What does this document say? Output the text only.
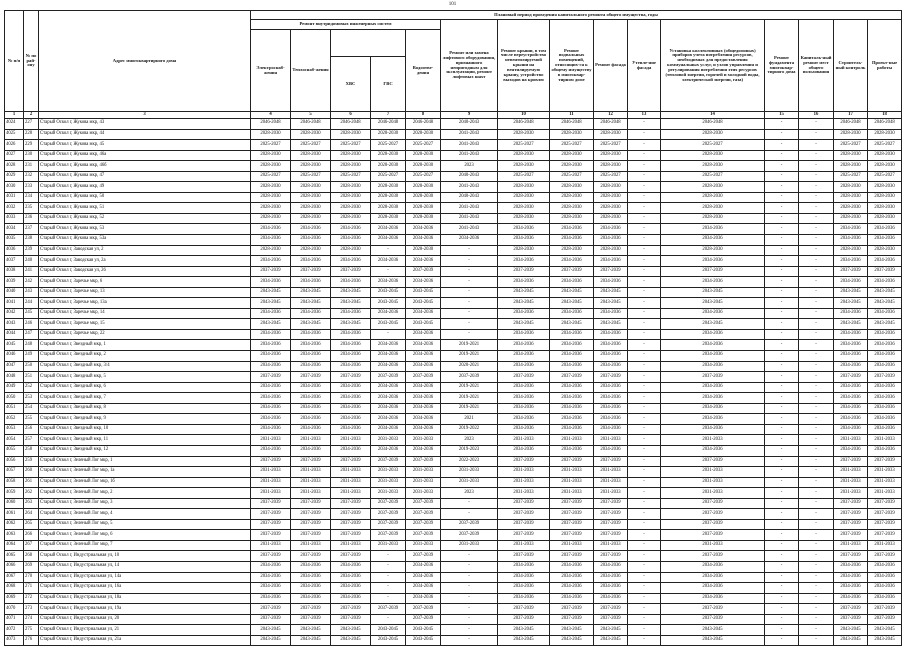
101
№ п/п	№ по рай-ону	Адрес многоквартирного дома	Плановый период проведения капитального ремонта общего имущества, годы														
			Ремонт внутридомовых инженерных систем					Ремонт или замена лифтового оборудования, признанного непригодным для эксплуатации, ремонт лифтовых шахт	Ремонт крыши, в том числе переустройство невентилируемой крыши на вентилируемую крышу, устройство выходов на кровлю	Ремонт подвальных помещений, относящих-ся к общему имуществу в многоквар-тирном доме	Ремонт фасада	Утепле-ние фасада	Установка коллективных (общедомовых) приборов учета потребления ресурсов, необходимых для предоставления коммунальных услуг, и узлов управления и регулирования потребления этих ресурсов (тепловой энергии, горячей и холодной воды, электрической энергии, газа)	Ремонт фундамента многоквар-тирного дома	Капиталь-ный ремонт мест общего пользования	Строитель-ный контроль	Проект-ные работы
			Электроснаб-жения	Теплоснаб-жения			Водоотве-дения										
					ХВС	ГВС											
1	2	3	4	5	6	7	8	9	10	11	12	13	14	15	16	17	18
4024	227	Старый Оскол г, Жукова мкр, 43	2046-2048	2046-2048	2046-2048	2046-2048	2046-2048	2040-2043	2046-2048	2046-2048	2046-2048	-	2046-2048	-	-	2046-2048	2046-2048
4025	228	Старый Оскол г, Жукова мкр, 44	2028-2030	2028-2030	2028-2030	2028-2030	2028-2030	2041-2043	2028-2030	2028-2030	2028-2030	-	2028-2030	-	-	2028-2030	2028-2030
4026	229	Старый Оскол г, Жукова мкр, 45	2025-2027	2025-2027	2025-2027	2025-2027	2025-2027	2041-2043	2025-2027	2025-2027	2025-2027	-	2025-2027	-	-	2025-2027	2025-2027
4027	230	Старый Оскол г, Жукова мкр, 46а	2028-2030	2028-2030	2028-2030	2028-2030	2028-2030	2041-2043	2028-2030	2028-2030	2028-2030	-	2028-2030	-	-	2028-2030	2028-2030
4028	231	Старый Оскол г, Жукова мкр, 46б	2028-2030	2028-2030	2028-2030	2028-2030	2028-2030	2023	2028-2030	2028-2030	2028-2030	-	2028-2030	-	-	2028-2030	2028-2030
4029	232	Старый Оскол г, Жукова мкр, 47	2025-2027	2025-2027	2025-2027	2025-2027	2025-2027	2040-2043	2025-2027	2025-2027	2025-2027	-	2025-2027	-	-	2025-2027	2025-2027
4030	233	Старый Оскол г, Жукова мкр, 49	2028-2030	2028-2030	2028-2030	2028-2030	2028-2030	2041-2043	2028-2030	2028-2030	2028-2030	-	2028-2030	-	-	2028-2030	2028-2030
4031	234	Старый Оскол г, Жукова мкр, 50	2028-2030	2028-2030	2028-2030	2028-2030	2028-2030	2040-2043	2028-2030	2028-2030	2028-2030	-	2028-2030	-	-	2028-2030	2028-2030
4032	235	Старый Оскол г, Жукова мкр, 51	2028-2030	2028-2030	2028-2030	2028-2030	2028-2030	2041-2043	2028-2030	2028-2030	2028-2030	-	2028-2030	-	-	2028-2030	2028-2030
4033	236	Старый Оскол г, Жукова мкр, 52	2028-2030	2028-2030	2028-2030	2028-2030	2028-2030	2041-2043	2028-2030	2028-2030	2028-2030	-	2028-2030	-	-	2028-2030	2028-2030
4034	237	Старый Оскол г, Жукова мкр, 53	2034-2036	2034-2036	2034-2036	2034-2036	2034-2036	2041-2043	2034-2036	2034-2036	2034-2036	-	2034-2036	-	-	2034-2036	2034-2036
4035	238	Старый Оскол г, Жукова мкр, 53а	2034-2036	2034-2036	2034-2036	2034-2036	2034-2036	2034-2036	2034-2036	2034-2036	2034-2036	-	2034-2036	-	-	2034-2036	2034-2036
4036	239	Старый Оскол г, Заводская ул, 2	2028-2030	2028-2030	2028-2030	-	2028-2030	-	2028-2030	2028-2030	2028-2030	-	2028-2030	-	-	2028-2030	2028-2030
4037	240	Старый Оскол г, Заводская ул, 2а	2034-2036	2034-2036	2034-2036	2034-2036	2034-2036	-	2034-2036	2034-2036	2034-2036	-	2034-2036	-	-	2034-2036	2034-2036
4038	241	Старый Оскол г, Заводская ул, 26	2037-2039	2037-2039	2037-2039	-	2037-2039	-	2037-2039	2037-2039	2037-2039	-	2037-2039	-	-	2037-2039	2037-2039
4039	242	Старый Оскол г, Заречье мкр, 6	2034-2036	2034-2036	2034-2036	2034-2036	2034-2036	-	2034-2036	2034-2036	2034-2036	-	2034-2036	-	-	2034-2036	2034-2036
4040	243	Старый Оскол г, Заречье мкр, 13	2043-2045	2043-2045	2043-2045	2043-2045	2043-2045	-	2043-2045	2043-2045	2043-2045	-	2043-2045	-	-	2043-2045	2043-2045
4041	244	Старый Оскол г, Заречье мкр, 13а	2043-2045	2043-2045	2043-2045	2043-2045	2043-2045	-	2043-2045	2043-2045	2043-2045	-	2043-2045	-	-	2043-2045	2043-2045
4042	245	Старый Оскол г, Заречье мкр, 14	2034-2036	2034-2036	2034-2036	2034-2036	2034-2036	-	2034-2036	2034-2036	2034-2036	-	2034-2036	-	-	2034-2036	2034-2036
4043	246	Старый Оскол г, Заречье мкр, 15	2043-2045	2043-2045	2043-2045	2043-2045	2043-2045	-	2043-2045	2043-2045	2043-2045	-	2043-2045	-	-	2043-2045	2043-2045
4044	247	Старый Оскол г, Заречье мкр, 22	2034-2036	2034-2036	2034-2036	-	2034-2036	-	2034-2036	2034-2036	2034-2036	-	2034-2036	-	-	2034-2036	2034-2036
4045	248	Старый Оскол г, Звездный мкр, 1	2034-2036	2034-2036	2034-2036	2034-2036	2034-2036	2019-2021	2034-2036	2034-2036	2034-2036	-	2034-2036	-	-	2034-2036	2034-2036
4046	249	Старый Оскол г, Звездный мкр, 2	2034-2036	2034-2036	2034-2036	2034-2036	2034-2036	2019-2021	2034-2036	2034-2036	2034-2036	-	2034-2036	-	-	2034-2036	2034-2036
4047	250	Старый Оскол г, Звездный мкр, 3/4	2034-2036	2034-2036	2034-2036	2034-2036	2034-2036	2020-2021	2034-2036	2034-2036	2034-2036	-	2034-2036	-	-	2034-2036	2034-2036
4048	251	Старый Оскол г, Звездный мкр, 5	2037-2039	2037-2039	2037-2039	2037-2039	2037-2039	2037-2039	2037-2039	2037-2039	2037-2039	-	2037-2039	-	-	2037-2039	2037-2039
4049	252	Старый Оскол г, Звездный мкр, 6	2034-2036	2034-2036	2034-2036	2034-2036	2034-2036	2019-2021	2034-2036	2034-2036	2034-2036	-	2034-2036	-	-	2034-2036	2034-2036
4050	253	Старый Оскол г, Звездный мкр, 7	2034-2036	2034-2036	2034-2036	2034-2036	2034-2036	2019-2021	2034-2036	2034-2036	2034-2036	-	2034-2036	-	-	2034-2036	2034-2036
4051	254	Старый Оскол г, Звездный мкр, 8	2034-2036	2034-2036	2034-2036	2034-2036	2034-2036	2019-2021	2034-2036	2034-2036	2034-2036	-	2034-2036	-	-	2034-2036	2034-2036
4052	255	Старый Оскол г, Звездный мкр, 9	2034-2036	2034-2036	2034-2036	2034-2036	2034-2036	2021	2034-2036	2034-2036	2034-2036	-	2034-2036	-	-	2034-2036	2034-2036
4053	256	Старый Оскол г, Звездный мкр, 10	2034-2036	2034-2036	2034-2036	2034-2036	2034-2036	2019-2022	2034-2036	2034-2036	2034-2036	-	2034-2036	-	-	2034-2036	2034-2036
4054	257	Старый Оскол г, Звездный мкр, 11	2031-2033	2031-2033	2031-2033	2031-2033	2031-2033	2023	2031-2033	2031-2033	2031-2033	-	2031-2033	-	-	2031-2033	2031-2033
4055	258	Старый Оскол г, Звездный мкр, 12	2034-2036	2034-2036	2034-2036	2034-2036	2034-2036	2019-2023	2034-2036	2034-2036	2034-2036	-	2034-2036	-	-	2034-2036	2034-2036
4056	259	Старый Оскол г, Зеленый Лог мкр, 1	2037-2039	2037-2039	2037-2039	2037-2039	2037-2039	2022-2023	2037-2039	2037-2039	2037-2039	-	2037-2039	-	-	2037-2039	2037-2039
4057	260	Старый Оскол г, Зеленый Лог мкр, 1а	2031-2033	2031-2033	2031-2033	2031-2033	2031-2033	2031-2033	2031-2033	2031-2033	2031-2033	-	2031-2033	-	-	2031-2033	2031-2033
4058	261	Старый Оскол г, Зеленый Лог мкр, 1б	2031-2033	2031-2033	2031-2033	2031-2033	2031-2033	2031-2033	2031-2033	2031-2033	2031-2033	-	2031-2033	-	-	2031-2033	2031-2033
4059	262	Старый Оскол г, Зеленый Лог мкр, 2	2031-2033	2031-2033	2031-2033	2031-2033	2031-2033	2023	2031-2033	2031-2033	2031-2033	-	2031-2033	-	-	2031-2033	2031-2033
4060	263	Старый Оскол г, Зеленый Лог мкр, 3	2037-2039	2037-2039	2037-2039	2037-2039	2037-2039	-	2037-2039	2037-2039	2037-2039	-	2037-2039	-	-	2037-2039	2037-2039
4061	264	Старый Оскол г, Зеленый Лог мкр, 4	2037-2039	2037-2039	2037-2039	2037-2039	2037-2039	-	2037-2039	2037-2039	2037-2039	-	2037-2039	-	-	2037-2039	2037-2039
4062	265	Старый Оскол г, Зеленый Лог мкр, 5	2037-2039	2037-2039	2037-2039	2037-2039	2037-2039	2037-2039	2037-2039	2037-2039	2037-2039	-	2037-2039	-	-	2037-2039	2037-2039
4063	266	Старый Оскол г, Зеленый Лог мкр, 6	2037-2039	2037-2039	2037-2039	2037-2039	2037-2039	2037-2039	2037-2039	2037-2039	2037-2039	-	2037-2039	-	-	2037-2039	2037-2039
4064	267	Старый Оскол г, Зеленый Лог мкр, 7	2031-2033	2031-2033	2031-2033	2031-2033	2031-2033	2031-2033	2031-2033	2031-2033	2031-2033	-	2031-2033	-	-	2031-2033	2031-2033
4065	268	Старый Оскол г, Индустриальная ул, 10	2037-2039	2037-2039	2037-2039	-	2037-2039	-	2037-2039	2037-2039	2037-2039	-	2037-2039	-	-	2037-2039	2037-2039
4066	269	Старый Оскол г, Индустриальная ул, 14	2034-2036	2034-2036	2034-2036	-	2034-2036	-	2034-2036	2034-2036	2034-2036	-	2034-2036	-	-	2034-2036	2034-2036
4067	270	Старый Оскол г, Индустриальная ул, 14а	2034-2036	2034-2036	2034-2036	-	2034-2036	-	2034-2036	2034-2036	2034-2036	-	2034-2036	-	-	2034-2036	2034-2036
4068	271	Старый Оскол г, Индустриальная ул, 16а	2034-2036	2034-2036	2034-2036	-	2034-2036	-	2034-2036	2034-2036	2034-2036	-	2034-2036	-	-	2034-2036	2034-2036
4069	272	Старый Оскол г, Индустриальная ул, 18а	2034-2036	2034-2036	2034-2036	-	2034-2036	-	2034-2036	2034-2036	2034-2036	-	2034-2036	-	-	2034-2036	2034-2036
4070	273	Старый Оскол г, Индустриальная ул, 19а	2037-2039	2037-2039	2037-2039	2037-2039	2037-2039	-	2037-2039	2037-2039	2037-2039	-	2037-2039	-	-	2037-2039	2037-2039
4071	274	Старый Оскол г, Индустриальная ул, 20	2037-2039	2037-2039	2037-2039	-	2037-2039	-	2037-2039	2037-2039	2037-2039	-	2037-2039	-	-	2037-2039	2037-2039
4072	275	Старый Оскол г, Индустриальная ул, 21	2043-2045	2043-2045	2043-2045	2043-2045	2043-2045	-	2043-2045	2043-2045	2043-2045	-	2043-2045	-	-	2043-2045	2043-2045
4073	276	Старый Оскол г, Индустриальная ул, 21а	2043-2045	2043-2045	2043-2045	2043-2045	2043-2045	-	2043-2045	2043-2045	2043-2045	-	2043-2045	-	-	2043-2045	2043-2045
